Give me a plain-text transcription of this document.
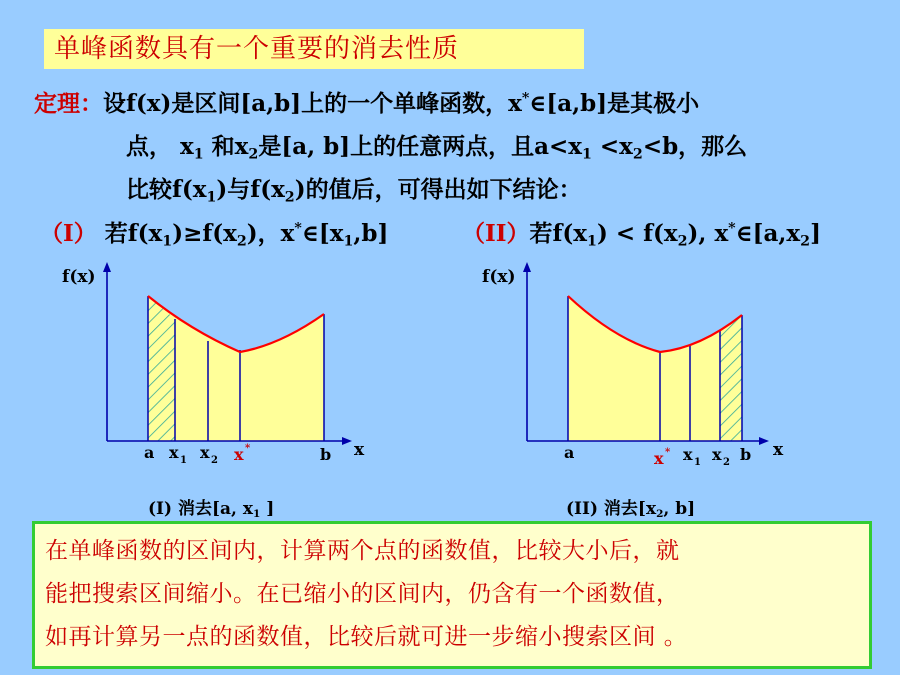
单峰函数具有一个重要的消去性质
定理：设f(x)是区间[a,b]上的一个单峰函数，x*∈[a,b]是其极小
点， $x_1$ 和$x_2$是[a, b]上的任意两点，且$a<x_1 <x_2<b$，那么
比较$f(x_1)$与$f(x_2)$的值后，可得出如下结论：
（I） 若$f(x_1)\ge f(x_2)$，$x^*\in[x_1,b]$	（II）若$f(x_1) < f(x_2)$, $x^*\in[a,x_2]$
f(x)
x
a x 1 x 2 x *	b
f(x)
x
a	x * x 1 x 2 b
(I) 消去[a, $x_1$ ]	(II) 消去[$x_2$, b]
在单峰函数的区间内，计算两个点的函数值，比较大小后，就
能把搜索区间缩小。在已缩小的区间内，仍含有一个函数值，
如再计算另一点的函数值，比较后就可进一步缩小搜索区间 。
